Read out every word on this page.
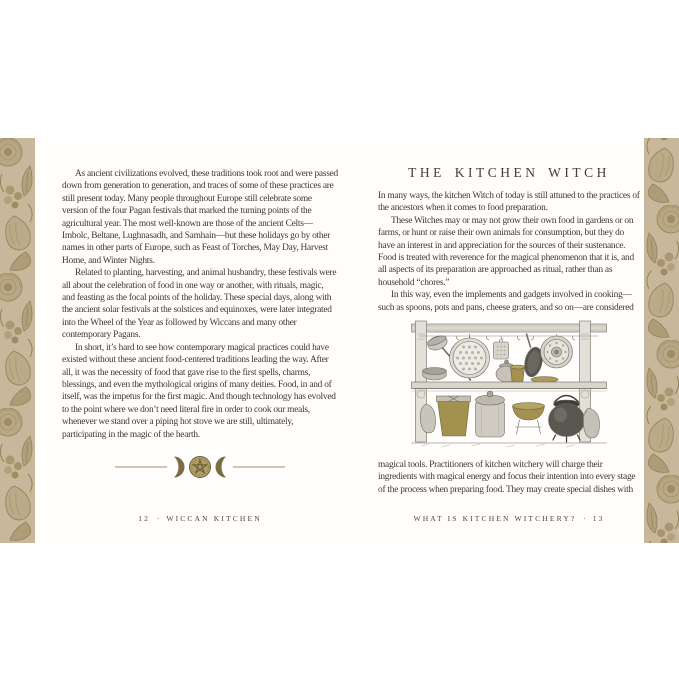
As ancient civilizations evolved, these traditions took root and were passed down from generation to generation, and traces of some of these practices are still present today. Many people throughout Europe still celebrate some version of the four Pagan festivals that marked the turning points of the agricultural year. The most well-known are those of the ancient Celts—Imbolc, Beltane, Lughnasadh, and Samhain—but these holidays go by other names in other parts of Europe, such as Feast of Torches, May Day, Harvest Home, and Winter Nights.

Related to planting, harvesting, and animal husbandry, these festivals were all about the celebration of food in one way or another, with rituals, magic, and feasting as the focal points of the holiday. These special days, along with the ancient solar festivals at the solstices and equinoxes, were later integrated into the Wheel of the Year as followed by Wiccans and many other contemporary Pagans.

In short, it’s hard to see how contemporary magical practices could have existed without these ancient food-centered traditions leading the way. After all, it was the necessity of food that gave rise to the first spells, charms, blessings, and even the mythological origins of many deities. Food, in and of itself, was the impetus for the first magic. And though technology has evolved to the point where we don’t need literal fire in order to cook our meals, whenever we stand over a piping hot stove we are still, ultimately, participating in the magic of the hearth.

12 · WICCAN KITCHEN
THE KITCHEN WITCH

In many ways, the kitchen Witch of today is still attuned to the practices of the ancestors when it comes to food preparation.

These Witches may or may not grow their own food in gardens or on farms, or hunt or raise their own animals for consumption, but they do have an interest in and appreciation for the sources of their sustenance. Food is treated with reverence for the magical phenomenon that it is, and all aspects of its preparation are approached as ritual, rather than as household “chores.”

In this way, even the implements and gadgets involved in cooking—such as spoons, pots and pans, cheese graters, and so on—are considered

magical tools. Practitioners of kitchen witchery will charge their ingredients with magical energy and focus their intention into every stage of the process when preparing food. They may create special dishes with

WHAT IS KITCHEN WITCHERY? · 13
